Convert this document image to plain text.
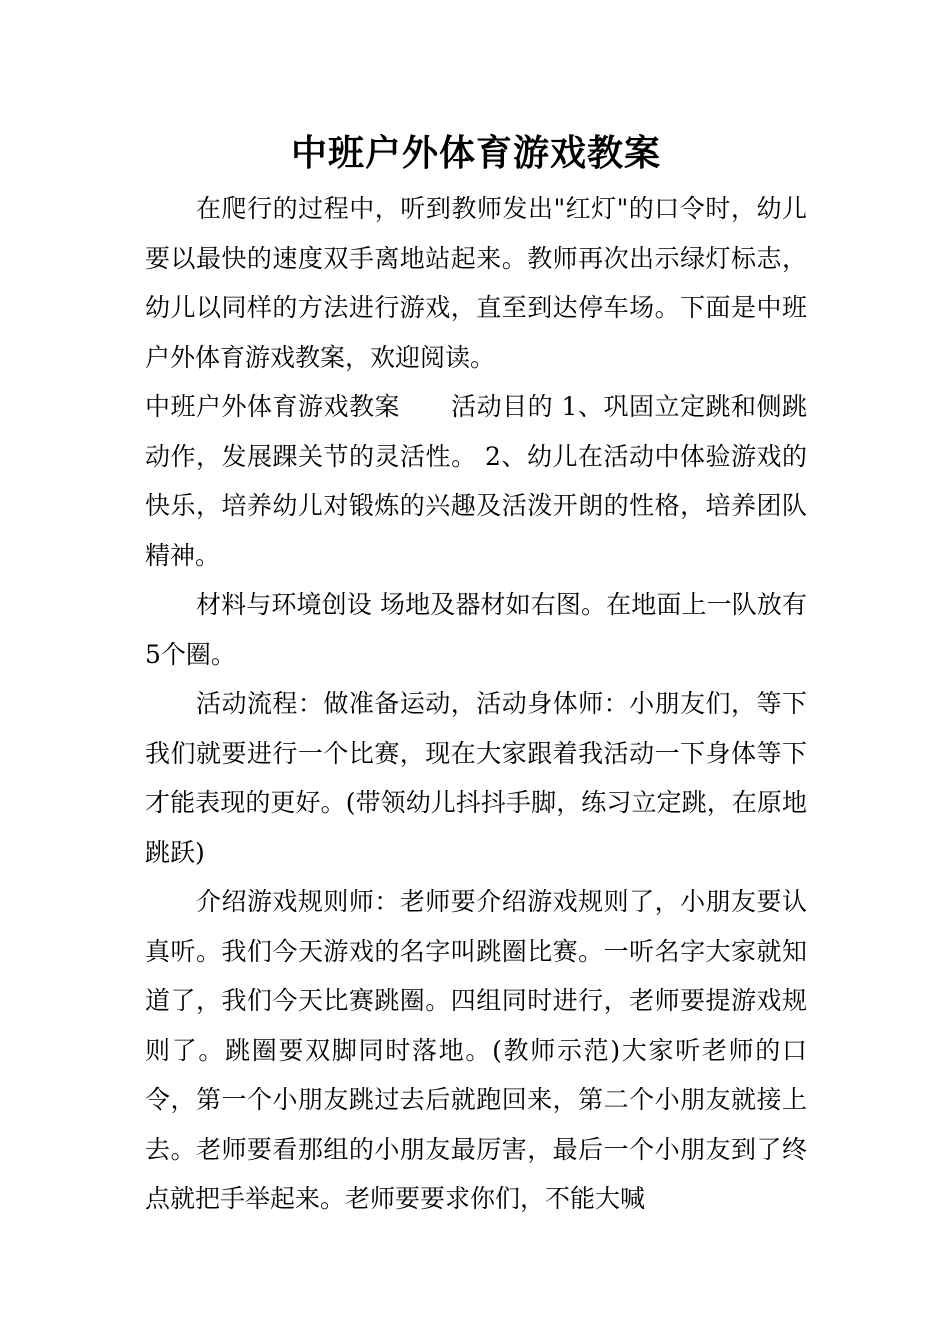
中班户外体育游戏教案

在爬行的过程中，听到教师发出"红灯"的口令时，幼儿要以最快的速度双手离地站起来。教师再次出示绿灯标志，幼儿以同样的方法进行游戏，直至到达停车场。下面是中班户外体育游戏教案，欢迎阅读。

中班户外体育游戏教案　　活动目的 1、巩固立定跳和侧跳动作，发展踝关节的灵活性。 2、幼儿在活动中体验游戏的快乐，培养幼儿对锻炼的兴趣及活泼开朗的性格，培养团队精神。

材料与环境创设 场地及器材如右图。在地面上一队放有5个圈。

活动流程：做准备运动，活动身体师：小朋友们，等下我们就要进行一个比赛，现在大家跟着我活动一下身体等下才能表现的更好。(带领幼儿抖抖手脚，练习立定跳，在原地跳跃)

介绍游戏规则师：老师要介绍游戏规则了，小朋友要认真听。我们今天游戏的名字叫跳圈比赛。一听名字大家就知道了，我们今天比赛跳圈。四组同时进行，老师要提游戏规则了。跳圈要双脚同时落地。(教师示范)大家听老师的口令，第一个小朋友跳过去后就跑回来，第二个小朋友就接上去。老师要看那组的小朋友最厉害，最后一个小朋友到了终点就把手举起来。老师要要求你们，不能大喊
